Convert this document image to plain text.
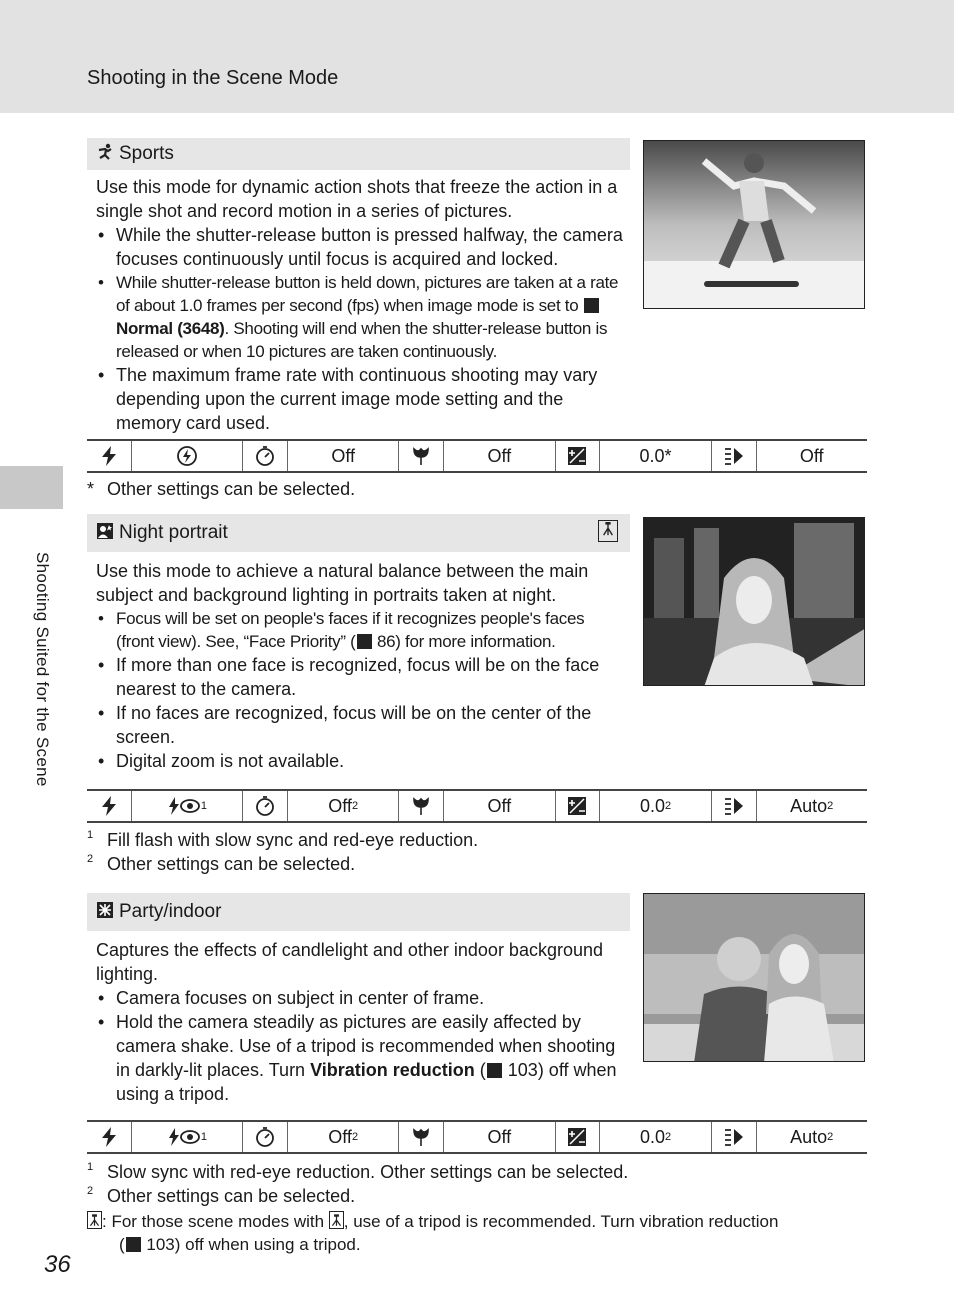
Shooting in the Scene Mode
Shooting Suited for the Scene
Sports

Use this mode for dynamic action shots that freeze the action in a single shot and record motion in a series of pictures.

• While the shutter-release button is pressed halfway, the camera focuses continuously until focus is acquired and locked.
• While shutter-release button is held down, pictures are taken at a rate of about 1.0 frames per second (fps) when image mode is set to  Normal (3648). Shooting will end when the shutter-release button is released or when 10 pictures are taken continuously.
• The maximum frame rate with continuous shooting may vary depending upon the current image mode setting and the memory card used.
Off	Off	0.0*	Off
* Other settings can be selected.
Night portrait

Use this mode to achieve a natural balance between the main subject and background lighting in portraits taken at night.

• Focus will be set on people's faces if it recognizes people's faces (front view). See, “Face Priority” ( 86) for more information.
• If more than one face is recognized, focus will be on the face nearest to the camera.
• If no faces are recognized, focus will be on the center of the screen.
• Digital zoom is not available.
1	Off 2	Off	0.0 2	Auto 2
$^1$ Fill flash with slow sync and red-eye reduction.
$^2$ Other settings can be selected.
Party/indoor

Captures the effects of candlelight and other indoor background lighting.

• Camera focuses on subject in center of frame.
• Hold the camera steadily as pictures are easily affected by camera shake. Use of a tripod is recommended when shooting in darkly-lit places. Turn Vibration reduction ( 103) off when using a tripod.
1	Off 2	Off	0.0 2	Auto 2
$^1$ Slow sync with red-eye reduction. Other settings can be selected.
$^2$ Other settings can be selected.
: For those scene modes with , use of a tripod is recommended. Turn vibration reduction
( 103) off when using a tripod.
36
